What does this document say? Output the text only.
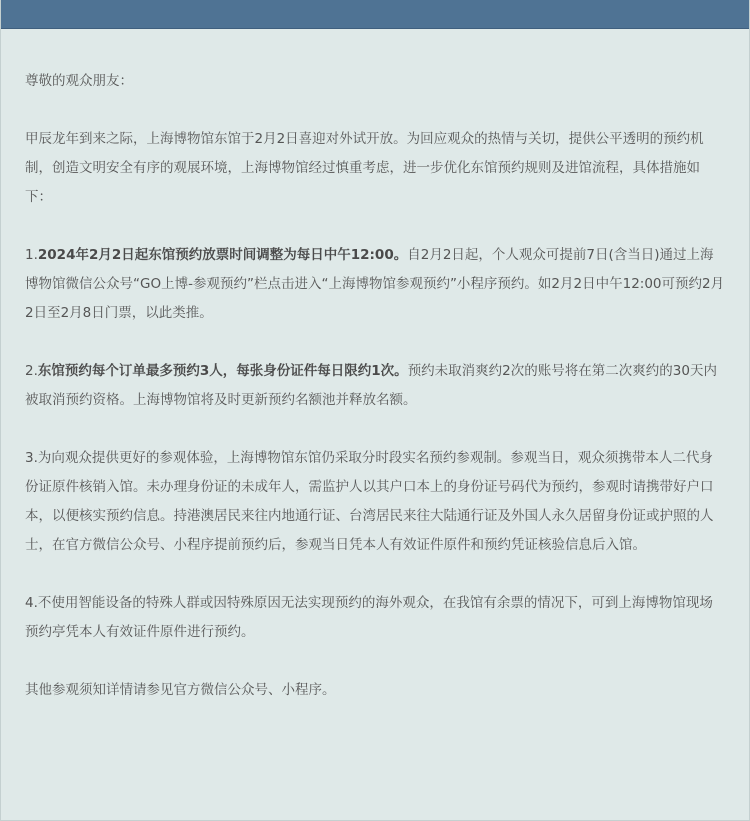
尊敬的观众朋友：

甲辰龙年到来之际，上海博物馆东馆于2月2日喜迎对外试开放。为回应观众的热情与关切，提供公平透明的预约机制，创造文明安全有序的观展环境，上海博物馆经过慎重考虑，进一步优化东馆预约规则及进馆流程，具体措施如下：

1.2024年2月2日起东馆预约放票时间调整为每日中午12:00。自2月2日起，个人观众可提前7日(含当日)通过上海博物馆微信公众号“GO上博-参观预约”栏点击进入“上海博物馆参观预约”小程序预约。如2月2日中午12:00可预约2月2日至2月8日门票，以此类推。

2.东馆预约每个订单最多预约3人，每张身份证件每日限约1次。预约未取消爽约2次的账号将在第二次爽约的30天内被取消预约资格。上海博物馆将及时更新预约名额池并释放名额。

3.为向观众提供更好的参观体验，上海博物馆东馆仍采取分时段实名预约参观制。参观当日，观众须携带本人二代身份证原件核销入馆。未办理身份证的未成年人，需监护人以其户口本上的身份证号码代为预约，参观时请携带好户口本，以便核实预约信息。持港澳居民来往内地通行证、台湾居民来往大陆通行证及外国人永久居留身份证或护照的人士，在官方微信公众号、小程序提前预约后，参观当日凭本人有效证件原件和预约凭证核验信息后入馆。

4.不使用智能设备的特殊人群或因特殊原因无法实现预约的海外观众，在我馆有余票的情况下，可到上海博物馆现场预约亭凭本人有效证件原件进行预约。

其他参观须知详情请参见官方微信公众号、小程序。
